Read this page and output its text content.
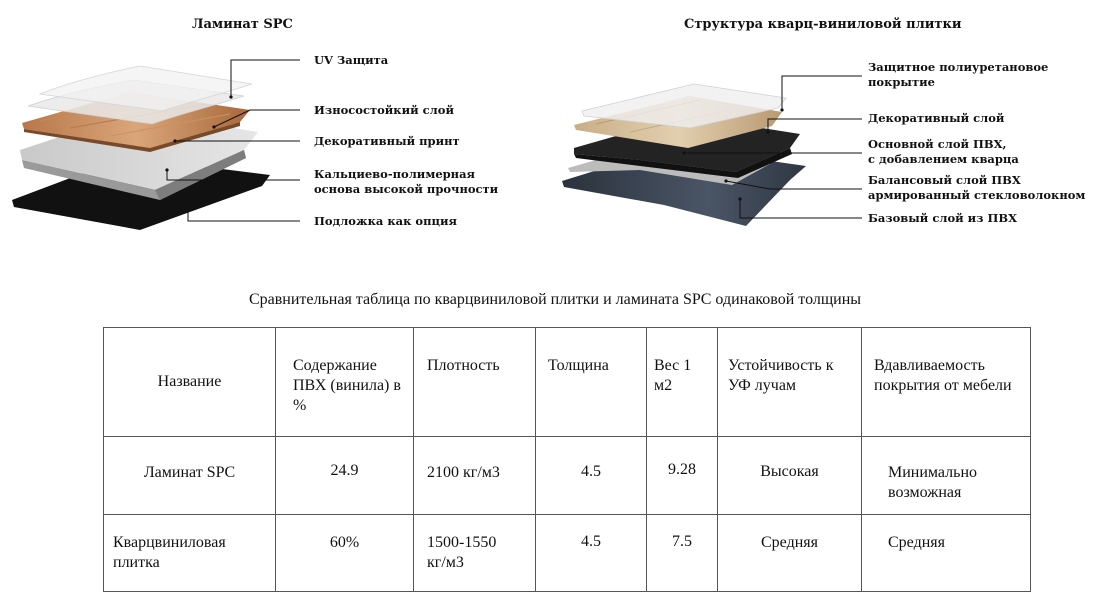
Ламинат SPC
UV Защита
Износостойкий слой
Декоративный принт
Кальциево-полимерная
основа высокой прочности
Подложка как опция
Структура кварц-виниловой плитки
Защитное полиуретановое
покрытие
Декоративный слой
Основной слой ПВХ,
с добавлением кварца
Балансовый слой ПВХ
армированный стекловолокном
Базовый слой из ПВХ
Сравнительная таблица по кварцвиниловой плитки и ламината SPC одинаковой толщины
Название	Содержание ПВХ (винила) в %	Плотность	Толщина	Вес 1 м2	Устойчивость к УФ лучам	Вдавливаемость покрытия от мебели

Ламинат SPC	24.9	2100 кг/м3	4.5	9.28	Высокая	Минимально возможная

Кварцвиниловая плитка	60%	1500-1550 кг/м3	4.5	7.5	Средняя	Средняя
